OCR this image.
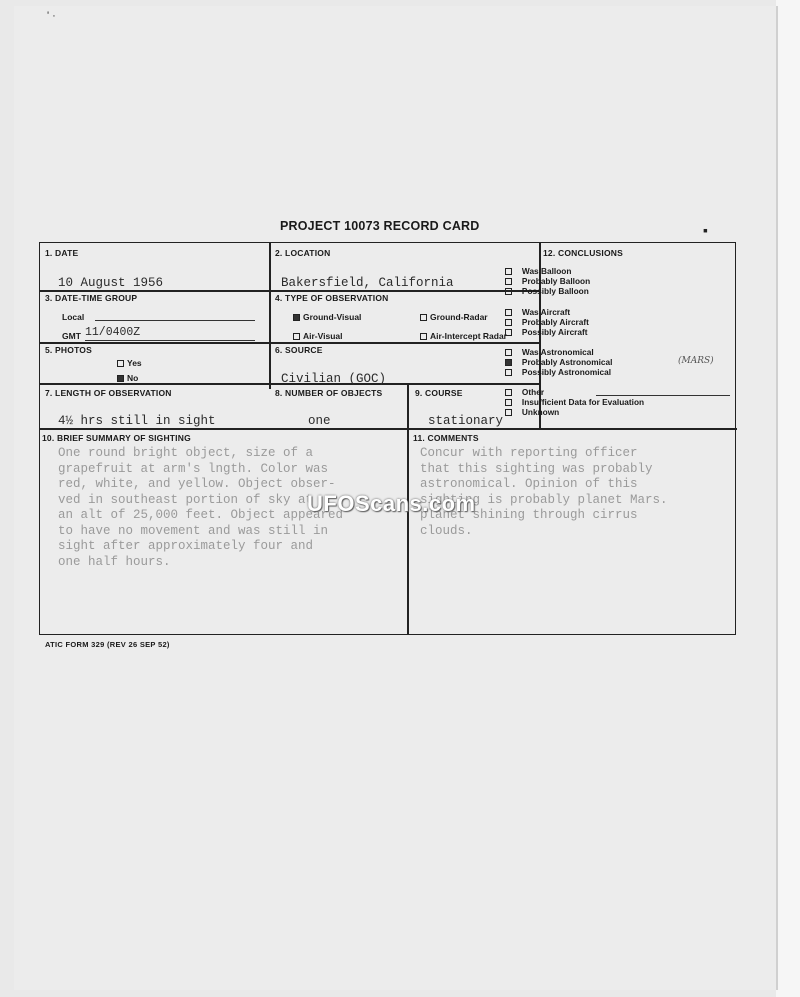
' ·
▪
PROJECT 10073 RECORD CARD
1. DATE
10 August 1956
2. LOCATION
Bakersfield, California
3. DATE-TIME GROUP
Local
GMT 11/0400Z
4. TYPE OF OBSERVATION
Ground-Visual	Ground-Radar
Air-Visual	Air-Intercept Radar
5. PHOTOS
Yes
No
6. SOURCE
Civilian (GOC)
7. LENGTH OF OBSERVATION
4½ hrs still in sight
8. NUMBER OF OBJECTS
one
9. COURSE
stationary
10. BRIEF SUMMARY OF SIGHTING
One round bright object, size of a
grapefruit at arm's lngth. Color was
red, white, and yellow. Object obser-
ved in southeast portion of sky at
an alt of 25,000 feet. Object appeared
to have no movement and was still in
sight after approximately four and
one half hours.
11. COMMENTS
Concur with reporting officer
that this sighting was probably
astronomical. Opinion of this
sighting is probably planet Mars.
planet shining through cirrus
clouds.
12. CONCLUSIONS
Was Balloon
Probably Balloon
Possibly Balloon
Was Aircraft
Probably Aircraft
Possibly Aircraft
Was Astronomical
Probably Astronomical
Possibly Astronomical
Other
Insufficient Data for Evaluation
Unknown
(MARS)
UFOScans.com
ATIC FORM 329 (REV 26 SEP 52)
